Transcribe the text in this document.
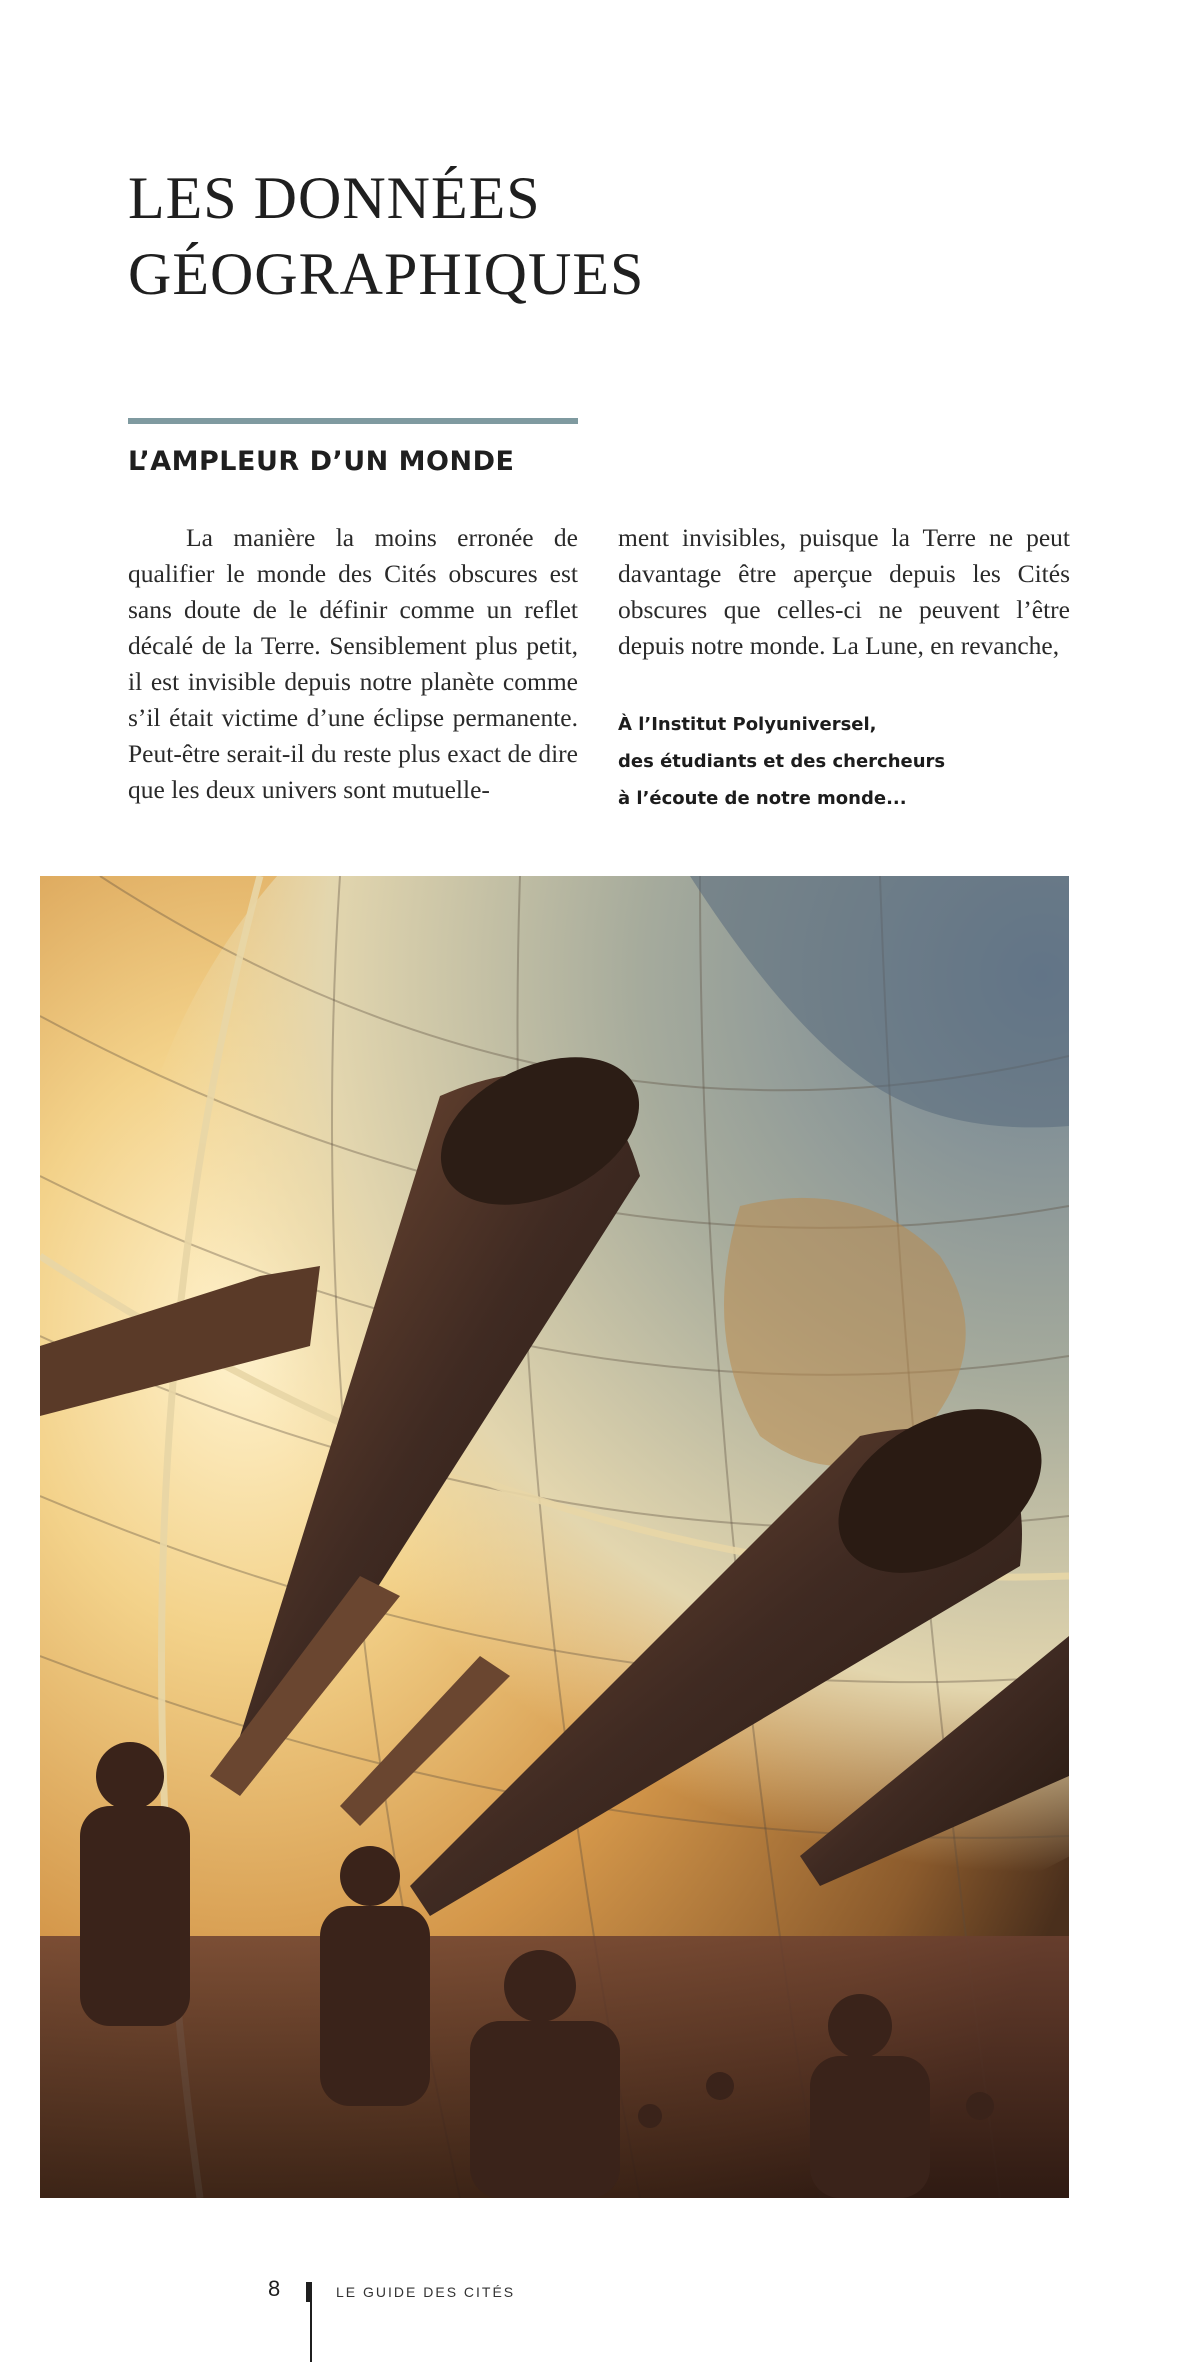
LES DONNÉES
GÉOGRAPHIQUES
L’AMPLEUR D’UN MONDE

La manière la moins erronée de qualifier le monde des Cités obscures est sans doute de le définir comme un reflet décalé de la Terre. Sensiblement plus petit, il est invisible depuis notre planète comme s’il était victime d’une éclipse permanente. Peut-être serait-il du reste plus exact de dire que les deux univers sont mutuelle-

ment invisibles, puisque la Terre ne peut davantage être aperçue depuis les Cités obscures que celles-ci ne peuvent l’être depuis notre monde. La Lune, en revanche,

À l’Institut Polyuniversel,
des étudiants et des chercheurs
à l’écoute de notre monde...
8	LE GUIDE DES CITÉS
